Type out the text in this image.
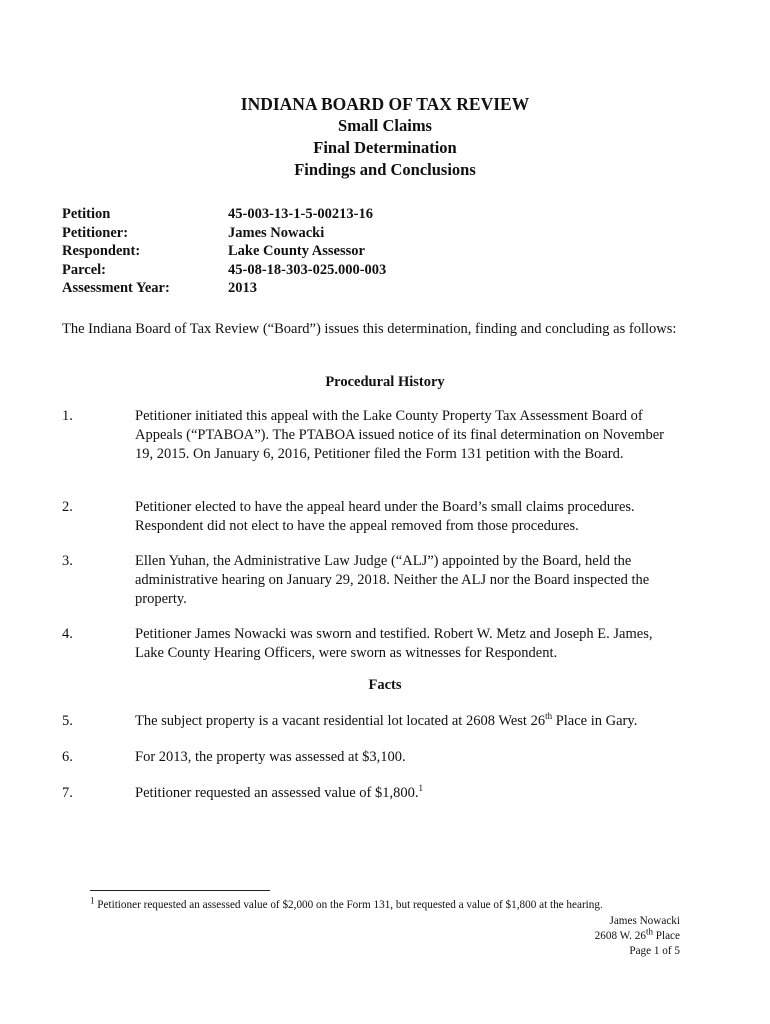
INDIANA BOARD OF TAX REVIEW
Small Claims
Final Determination
Findings and Conclusions
Petition	45-003-13-1-5-00213-16
Petitioner:	James Nowacki
Respondent:	Lake County Assessor
Parcel:	45-08-18-303-025.000-003
Assessment Year:	2013
The Indiana Board of Tax Review (“Board”) issues this determination, finding and concluding as follows:
Procedural History
1.	Petitioner initiated this appeal with the Lake County Property Tax Assessment Board of Appeals (“PTABOA”). The PTABOA issued notice of its final determination on November 19, 2015. On January 6, 2016, Petitioner filed the Form 131 petition with the Board.
2.	Petitioner elected to have the appeal heard under the Board’s small claims procedures. Respondent did not elect to have the appeal removed from those procedures.
3.	Ellen Yuhan, the Administrative Law Judge (“ALJ”) appointed by the Board, held the administrative hearing on January 29, 2018. Neither the ALJ nor the Board inspected the property.
4.	Petitioner James Nowacki was sworn and testified. Robert W. Metz and Joseph E. James, Lake County Hearing Officers, were sworn as witnesses for Respondent.
Facts
5.	The subject property is a vacant residential lot located at 2608 West 26th Place in Gary.
6.	For 2013, the property was assessed at $3,100.
7.	Petitioner requested an assessed value of $1,800.$^1$
$^1$ Petitioner requested an assessed value of $2,000 on the Form 131, but requested a value of $1,800 at the hearing.
James Nowacki
2608 W. 26th Place
Page 1 of 5
